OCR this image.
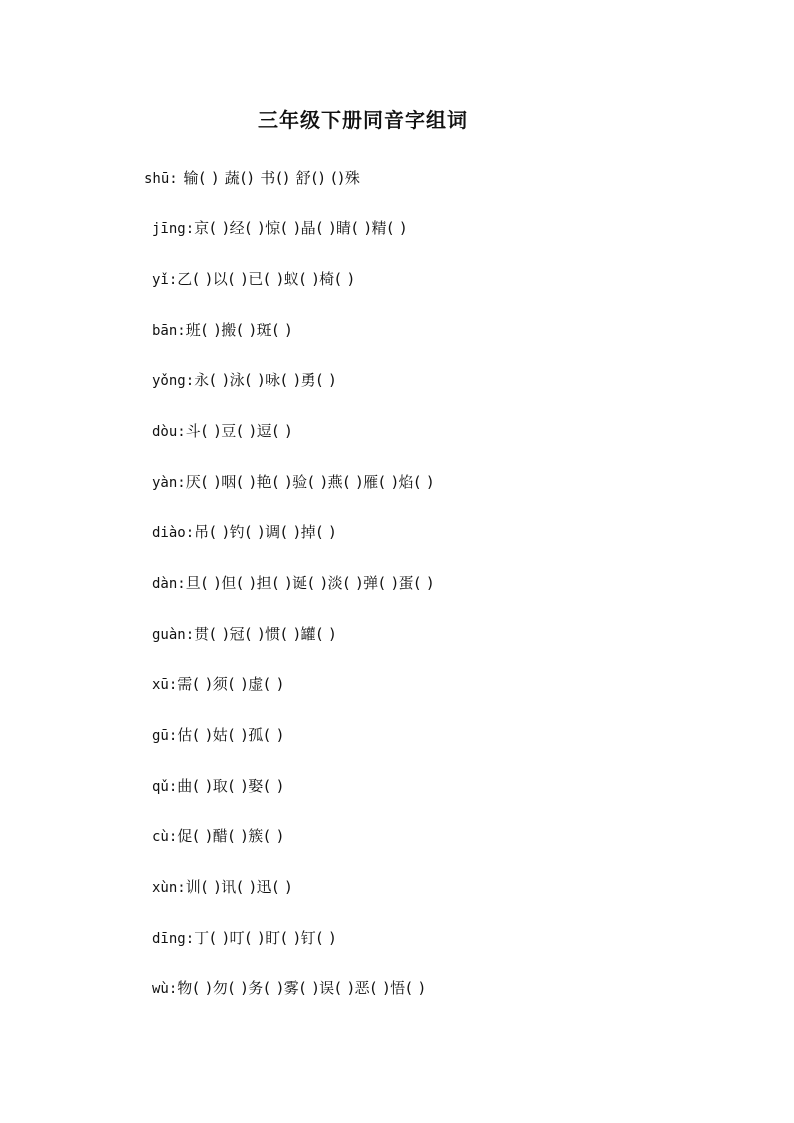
三年级下册同音字组词
shū: 输( ) 蔬() 书() 舒() ()殊
jīng:京( )经( )惊( )晶( )睛( )精( )
yǐ:乙( )以( )已( )蚁( )椅( )
bān:班( )搬( )斑( )
yǒng:永( )泳( )咏( )勇( )
dòu:斗( )豆( )逗( )
yàn:厌( )咽( )艳( )验( )燕( )雁( )焰( )
diào:吊( )钓( )调( )掉( )
dàn:旦( )但( )担( )诞( )淡( )弹( )蛋( )
guàn:贯( )冠( )惯( )罐( )
xū:需( )须( )虚( )
gū:估( )姑( )孤( )
qǔ:曲( )取( )娶( )
cù:促( )醋( )簇( )
xùn:训( )讯( )迅( )
dīng:丁( )叮( )盯( )钉( )
wù:物( )勿( )务( )雾( )误( )恶( )悟( )
